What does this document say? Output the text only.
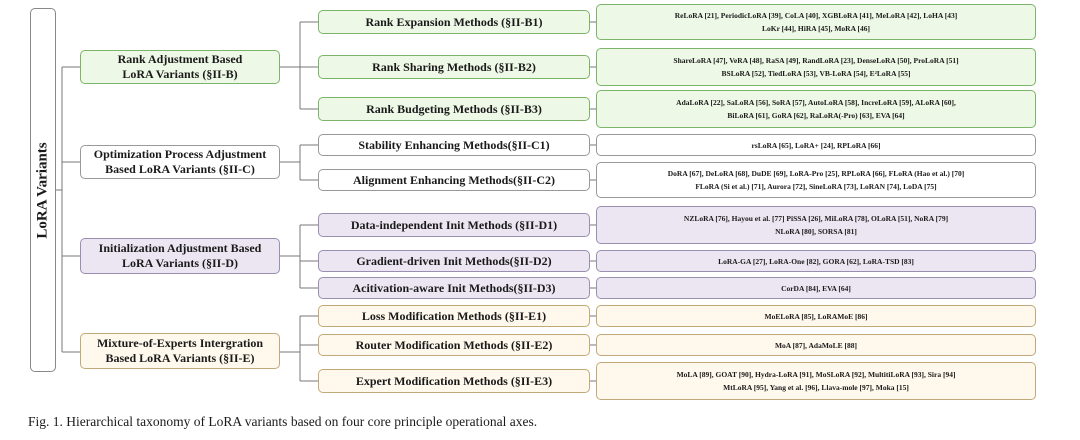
LoRA Variants
Rank Adjustment Based
LoRA Variants (§II-B)
Rank Expansion Methods (§II-B1)	ReLoRA [21], PeriodicLoRA [39], CoLA [40], XGBLoRA [41], MeLoRA [42], LoHA [43]
LoKr [44], HiRA [45], MoRA [46]
Rank Sharing Methods (§II-B2)	ShareLoRA [47], VeRA [48], RaSA [49], RandLoRA [23], DenseLoRA [50], ProLoRA [51]
BSLoRA [52], TiedLoRA [53], VB-LoRA [54], E²LoRA [55]
Rank Budgeting Methods (§II-B3)	AdaLoRA [22], SaLoRA [56], SoRA [57], AutoLoRA [58], IncreLoRA [59], ALoRA [60],
BiLoRA [61], GoRA [62], RaLoRA(-Pro) [63], EVA [64]
Optimization Process Adjustment
Based LoRA Variants (§II-C)
Stability Enhancing Methods(§II-C1)	rsLoRA [65], LoRA+ [24], RPLoRA [66]
Alignment Enhancing Methods(§II-C2)	DoRA [67], DeLoRA [68], DuDE [69], LoRA-Pro [25], RPLoRA [66], FLoRA (Hao et al.) [70]
FLoRA (Si et al.) [71], Aurora [72], SineLoRA [73], LoRAN [74], LoDA [75]
Initialization Adjustment Based
LoRA Variants (§II-D)
Data-independent Init Methods (§II-D1)	NZLoRA [76], Hayou et al. [77] PiSSA [26], MiLoRA [78], OLoRA [51], NoRA [79]
NLoRA [80], SORSA [81]
Gradient-driven Init Methods(§II-D2)	LoRA-GA [27], LoRA-One [82], GORA [62], LoRA-TSD [83]
Acitivation-aware Init Methods(§II-D3)	CorDA [84], EVA [64]
Mixture-of-Experts Intergration
Based LoRA Variants (§II-E)
Loss Modification Methods (§II-E1)	MoELoRA [85], LoRAMoE [86]
Router Modification Methods (§II-E2)	MoA [87], AdaMoLE [88]
Expert Modification Methods (§II-E3)	MoLA [89], GOAT [90], Hydra-LoRA [91], MoSLoRA [92], MultitiLoRA [93], Sira [94]
MtLoRA [95], Yang et al. [96], Llava-mole [97], Moka [15]
Fig. 1. Hierarchical taxonomy of LoRA variants based on four core principle operational axes.
